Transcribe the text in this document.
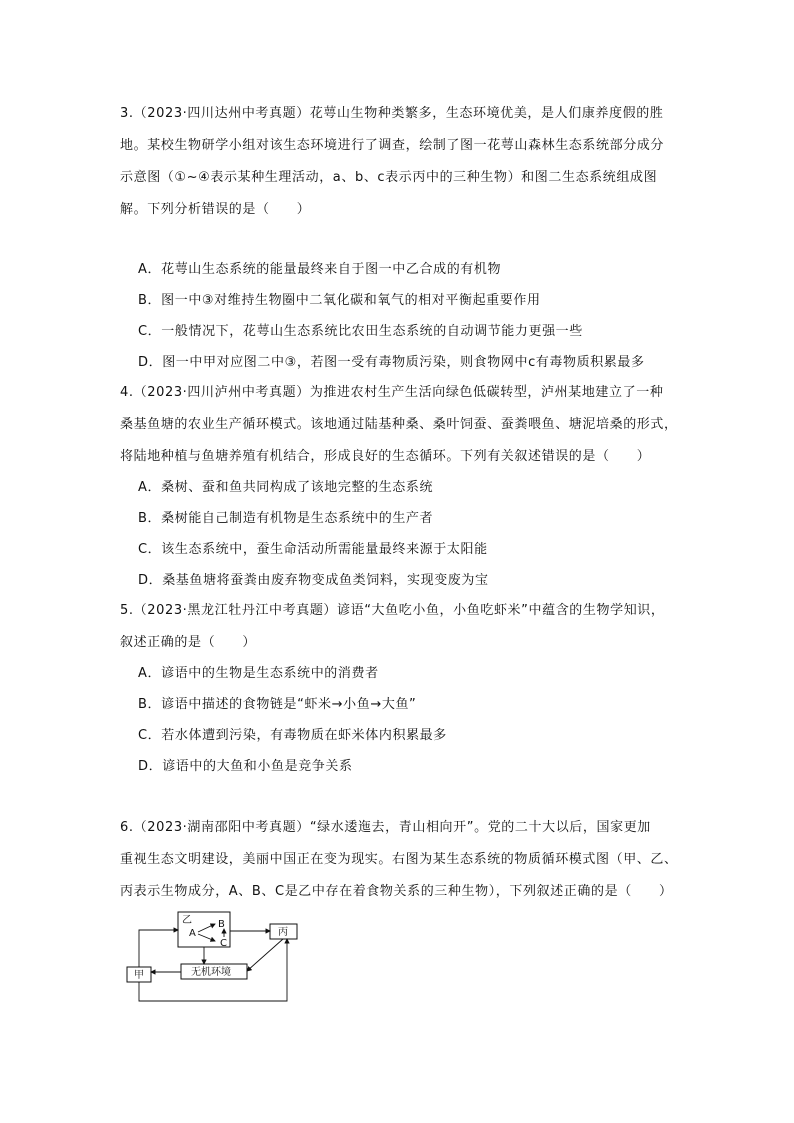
3.（2023·四川达州中考真题）花萼山生物种类繁多，生态环境优美，是人们康养度假的胜
地。某校生物研学小组对该生态环境进行了调查，绘制了图一花萼山森林生态系统部分成分
示意图（①~④表示某种生理活动，a、b、c表示丙中的三种生物）和图二生态系统组成图
解。下列分析错误的是（　　）
A．花萼山生态系统的能量最终来自于图一中乙合成的有机物
B．图一中③对维持生物圈中二氧化碳和氧气的相对平衡起重要作用
C．一般情况下，花萼山生态系统比农田生态系统的自动调节能力更强一些
D．图一中甲对应图二中③，若图一受有毒物质污染，则食物网中c有毒物质积累最多
4.（2023·四川泸州中考真题）为推进农村生产生活向绿色低碳转型，泸州某地建立了一种
桑基鱼塘的农业生产循环模式。该地通过陆基种桑、桑叶饲蚕、蚕粪喂鱼、塘泥培桑的形式，
将陆地种植与鱼塘养殖有机结合，形成良好的生态循环。下列有关叙述错误的是（　　）
A．桑树、蚕和鱼共同构成了该地完整的生态系统
B．桑树能自己制造有机物是生态系统中的生产者
C．该生态系统中，蚕生命活动所需能量最终来源于太阳能
D．桑基鱼塘将蚕粪由废弃物变成鱼类饲料，实现变废为宝
5.（2023·黑龙江牡丹江中考真题）谚语“大鱼吃小鱼，小鱼吃虾米”中蕴含的生物学知识，
叙述正确的是（　　）
A．谚语中的生物是生态系统中的消费者
B．谚语中描述的食物链是“虾米→小鱼→大鱼”
C．若水体遭到污染，有毒物质在虾米体内积累最多
D．谚语中的大鱼和小鱼是竞争关系
6.（2023·湖南邵阳中考真题）“绿水逶迤去，青山相向开”。党的二十大以后，国家更加
重视生态文明建设，美丽中国正在变为现实。右图为某生态系统的物质循环模式图（甲、乙、
丙表示生物成分，A、B、C是乙中存在着食物关系的三种生物），下列叙述正确的是（　　）
乙
A
B
C
丙
甲	无机环境
